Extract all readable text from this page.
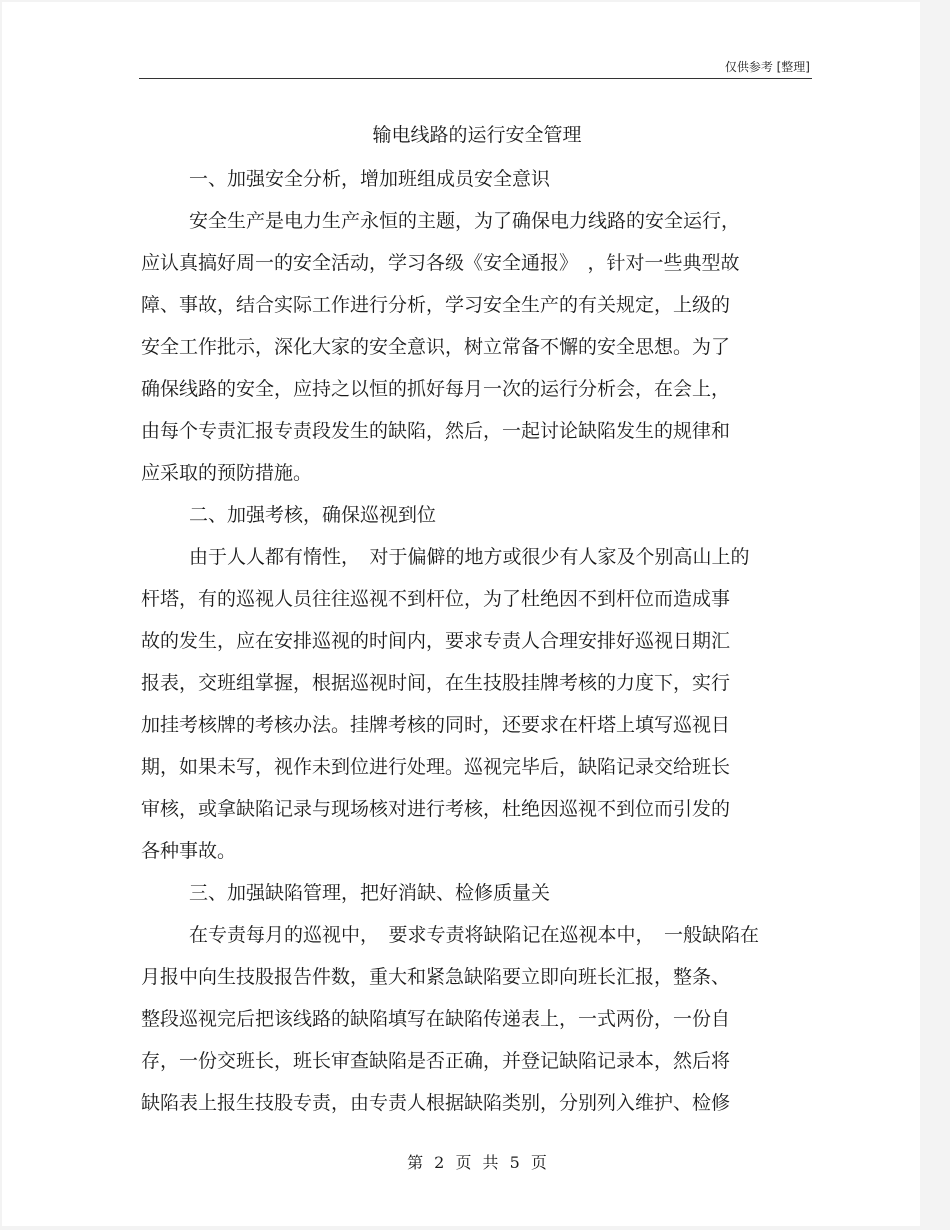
仅供参考 [整理]
输电线路的运行安全管理

一、加强安全分析，增加班组成员安全意识

安全生产是电力生产永恒的主题，为了确保电力线路的安全运行，

应认真搞好周一的安全活动，学习各级《安全通报》　，针对一些典型故

障、事故，结合实际工作进行分析，学习安全生产的有关规定，上级的

安全工作批示，深化大家的安全意识，树立常备不懈的安全思想。为了

确保线路的安全，应持之以恒的抓好每月一次的运行分析会，在会上，

由每个专责汇报专责段发生的缺陷，然后，一起讨论缺陷发生的规律和

应采取的预防措施。

二、加强考核，确保巡视到位

由于人人都有惰性，　对于偏僻的地方或很少有人家及个别高山上的

杆塔，有的巡视人员往往巡视不到杆位，为了杜绝因不到杆位而造成事

故的发生，应在安排巡视的时间内，要求专责人合理安排好巡视日期汇

报表，交班组掌握，根据巡视时间，在生技股挂牌考核的力度下，实行

加挂考核牌的考核办法。挂牌考核的同时，还要求在杆塔上填写巡视日

期，如果未写，视作未到位进行处理。巡视完毕后，缺陷记录交给班长

审核，或拿缺陷记录与现场核对进行考核，杜绝因巡视不到位而引发的

各种事故。

三、加强缺陷管理，把好消缺、检修质量关

在专责每月的巡视中，　要求专责将缺陷记在巡视本中，　一般缺陷在

月报中向生技股报告件数，重大和紧急缺陷要立即向班长汇报，整条、

整段巡视完后把该线路的缺陷填写在缺陷传递表上，一式两份，一份自

存，一份交班长，班长审查缺陷是否正确，并登记缺陷记录本，然后将

缺陷表上报生技股专责，由专责人根据缺陷类别，分别列入维护、检修

第 2 页 共 5 页
